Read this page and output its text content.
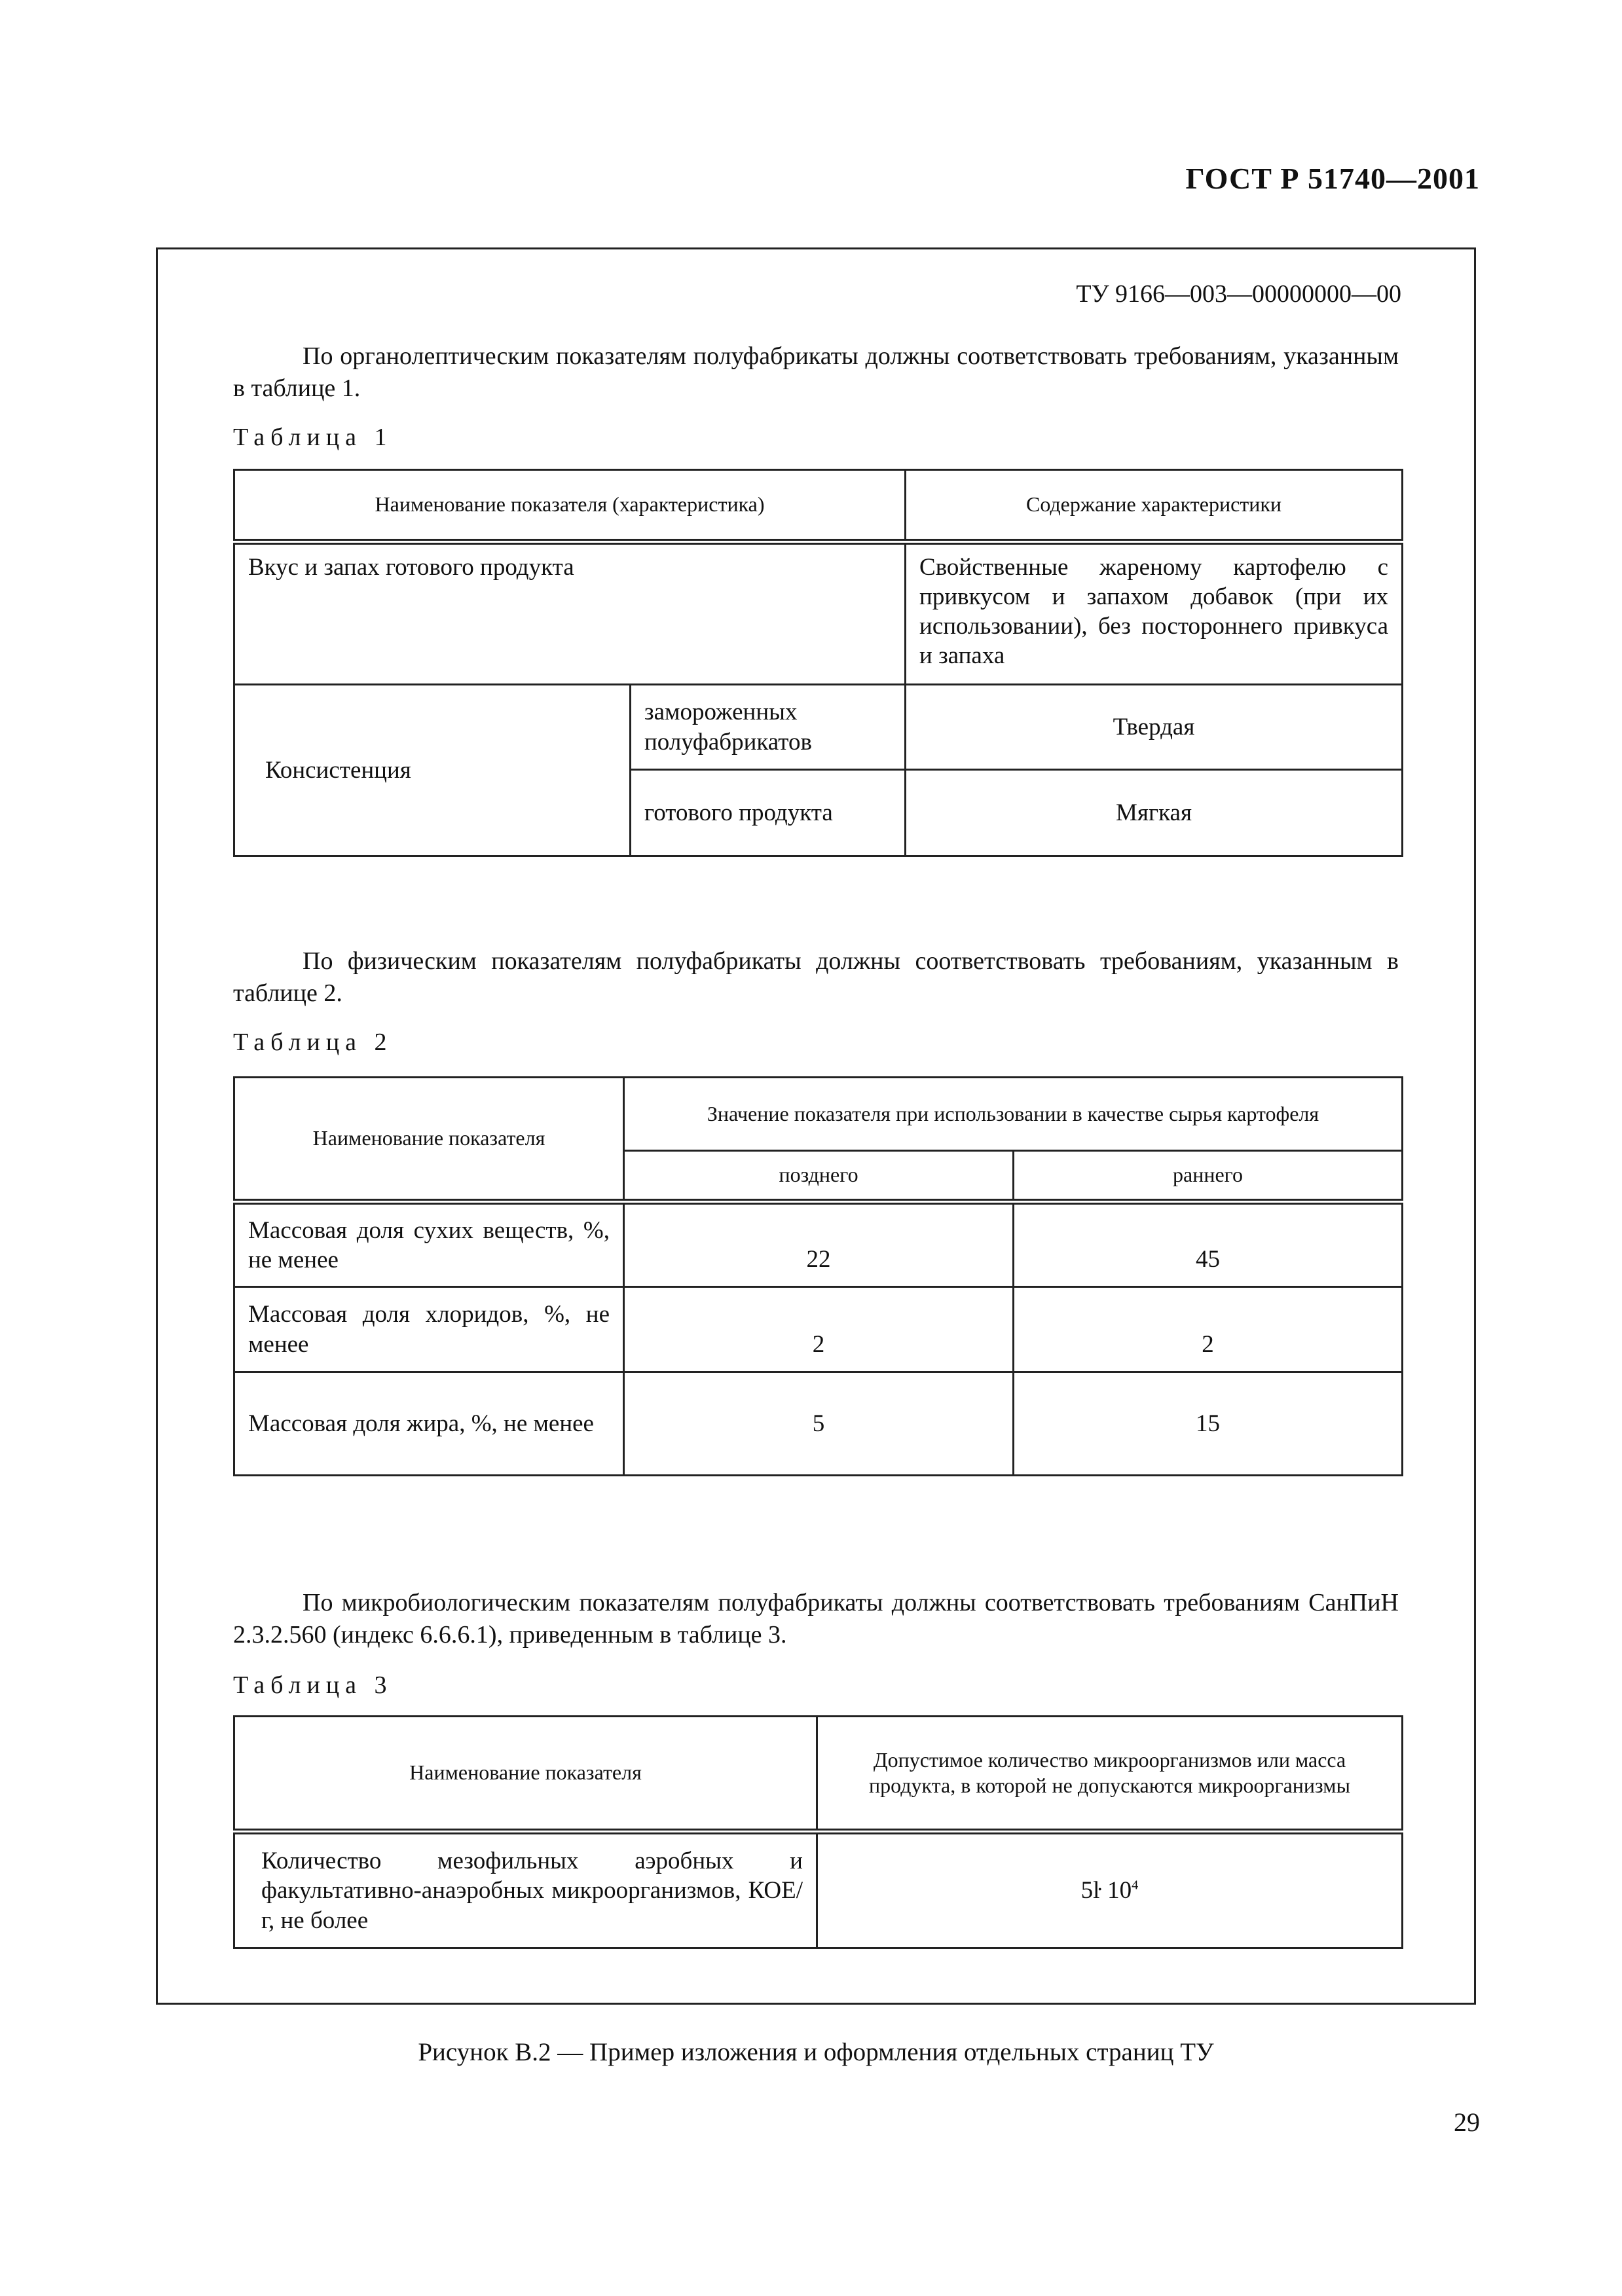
ГОСТ Р 51740—2001
ТУ 9166—003—00000000—00
По органолептическим показателям полуфабрикаты должны соответствовать требованиям, указанным в таблице 1.
Таблица 1
Наименование показателя (характеристика)		Содержание характеристики
Вкус и запах готового продукта		Свойственные жареному картофелю с привкусом и запахом добавок (при их использовании), без постороннего привкуса и запаха
Консистенция	замороженных полуфабрикатов	Твердая
	готового продукта	Мягкая
По физическим показателям полуфабрикаты должны соответствовать требованиям, указанным в таблице 2.
Таблица 2
Наименование показателя	Значение показателя при использовании в качестве сырья картофеля	
	позднего	раннего
Массовая доля сухих веществ, %, не менее	22	45
Массовая доля хлоридов, %, не менее	2	2
Массовая доля жира, %, не менее	5	15
По микробиологическим показателям полуфабрикаты должны соответствовать требованиям СанПиН 2.3.2.560 (индекс 6.6.6.1), приведенным в таблице 3.
Таблица 3
Наименование показателя	Допустимое количество микроорганизмов или масса продукта, в которой не допускаются микроорганизмы
Количество мезофильных аэробных и факультативно-анаэробных микроорганизмов, КОЕ/г, не более	5ŀ $10^4$
Рисунок В.2 — Пример изложения и оформления отдельных страниц ТУ
29
